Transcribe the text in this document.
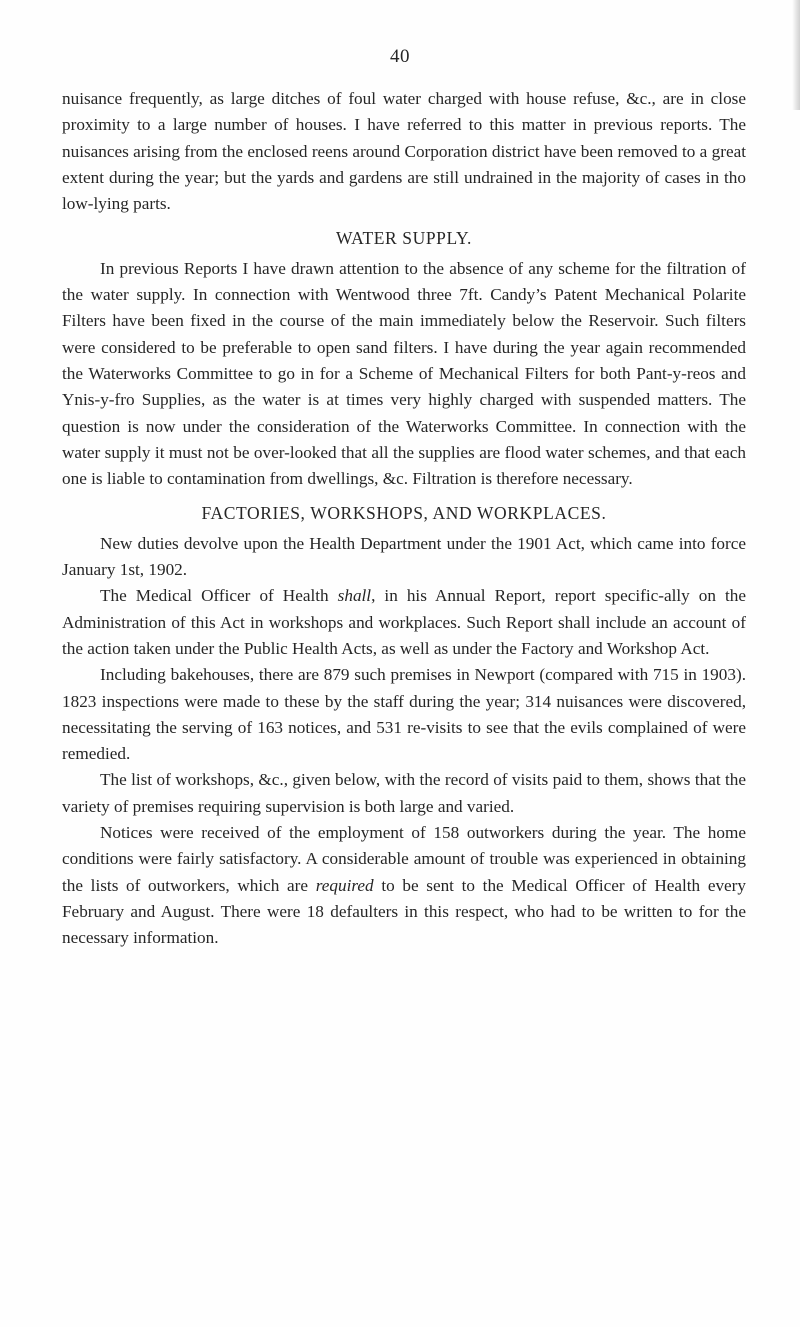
40

nuisance frequently, as large ditches of foul water charged with house refuse, &c., are in close proximity to a large number of houses. I have referred to this matter in previous reports. The nuisances arising from the enclosed reens around Corporation district have been removed to a great extent during the year; but the yards and gardens are still undrained in the majority of cases in tho low-lying parts.

WATER SUPPLY.

In previous Reports I have drawn attention to the absence of any scheme for the filtration of the water supply. In connection with Wentwood three 7ft. Candy’s Patent Mechanical Polarite Filters have been fixed in the course of the main immediately below the Reservoir. Such filters were considered to be preferable to open sand filters. I have during the year again recommended the Waterworks Committee to go in for a Scheme of Mechanical Filters for both Pant-y-reos and Ynis-y-fro Supplies, as the water is at times very highly charged with suspended matters. The question is now under the consideration of the Waterworks Committee. In connection with the water supply it must not be over-looked that all the supplies are flood water schemes, and that each one is liable to contamination from dwellings, &c. Filtration is therefore necessary.

FACTORIES, WORKSHOPS, AND WORKPLACES.

New duties devolve upon the Health Department under the 1901 Act, which came into force January 1st, 1902.

The Medical Officer of Health shall, in his Annual Report, report specific-ally on the Administration of this Act in workshops and workplaces. Such Report shall include an account of the action taken under the Public Health Acts, as well as under the Factory and Workshop Act.

Including bakehouses, there are 879 such premises in Newport (compared with 715 in 1903). 1823 inspections were made to these by the staff during the year; 314 nuisances were discovered, necessitating the serving of 163 notices, and 531 re-visits to see that the evils complained of were remedied.

The list of workshops, &c., given below, with the record of visits paid to them, shows that the variety of premises requiring supervision is both large and varied.

Notices were received of the employment of 158 outworkers during the year. The home conditions were fairly satisfactory. A considerable amount of trouble was experienced in obtaining the lists of outworkers, which are required to be sent to the Medical Officer of Health every February and August. There were 18 defaulters in this respect, who had to be written to for the necessary information.
